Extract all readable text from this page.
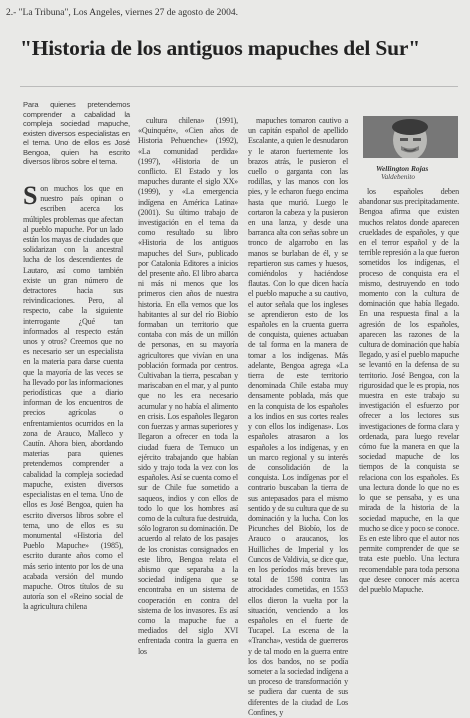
2.- "La Tribuna", Los Angeles, viernes 27 de agosto de 2004.
"Historia de los antiguos mapuches del Sur"
Para quienes pretendemos comprender a cabalidad la compleja sociedad mapuche, existen diversos especialistas en el tema. Uno de ellos es José Bengoa, quien ha escrito diversos libros sobre el tema.

Son muchos los que en nuestro país opinan o escriben acerca los múltiples problemas que afectan al pueblo mapuche. Por un lado están los mayas de ciudades que solidarizan con la ancestral lucha de los descendientes de Lautaro, así como también existe un gran número de detractores hacia sus reivindicaciones. Pero, al respecto, cabe la siguiente interrogante ¿Qué tan informados al respecto están unos y otros? Creemos que no es necesario ser un especialista en la materia para darse cuenta que la mayoría de las veces se ha llevado por las informaciones periodísticas que a diario informan de los encuentros de precios agrícolas o enfrentamientos ocurridos en la zona de Arauco, Malleco y Cautín. Ahora bien, abordando materias para quienes pretendemos comprender a cabalidad la compleja sociedad mapuche, existen diversos especialistas en el tema. Uno de ellos es José Bengoa, quien ha escrito diversos libros sobre el tema, uno de ellos es su monumental «Historia del Pueblo Mapuche» (1985), escrito durante años como el más serio intento por los de una acabada versión del mundo mapuche. Otros títulos de su autoría son el «Reino social de la agricultura chilena

cultura chilena» (1991), «Quinquén», «Cien años de Historia Pehuenche» (1992), «La comunidad perdida» (1997), «Historia de un conflicto. El Estado y los mapuches durante el siglo XX» (1999), y «La emergencia indígena en América Latina» (2001). Su último trabajo de investigación en el tema da como resultado su libro «Historia de los antiguos mapuches del Sur», publicado por Catalonia Editores a inicios del presente año. El libro abarca ni más ni menos que los primeros cien años de nuestra historia. En ella vemos que los habitantes al sur del río Biobío formaban un territorio que contaba con más de un millón de personas, en su mayoría agricultores que vivían en una población formada por centros. Cultivaban la tierra, pescaban y mariscaban en el mar, y al punto que no les era necesario acumular y no había el alimento en crisis. Los españoles llegaron con fuerzas y armas superiores y llegaron a ofrecer en toda la ciudad fuera de Temuco un ejército trabajando que habían sido y trajo toda la vez con los españoles. Así se cuenta como el sur de Chile fue sometido a saqueos, indios y con ellos de todo lo que los hombres así como de la cultura fue destruida, sólo lograron su dominación. De acuerdo al relato de los pasajes de los cronistas consignados en este libro, Bengoa relata el abismo que separaba a la sociedad indígena que se encontraba en un sistema de cooperación en contra del sistema de los invasores. Es así como la mapuche fue a mediados del siglo XVI enfrentada contra la guerra en los

mapuches tomaron cautivo a un capitán español de apellido Escalante, a quien le desnudaron y le ataron fuertemente los brazos atrás, le pusieron el cuello o garganta con las rodillas, y las manos con los pies, y le echaron fuego encima hasta que murió. Luego le cortaron la cabeza y la pusieron en una lanza, y desde una barranca alta con señas sobre un tronco de algarrobo en las manos se burlaban de él, y se repartieron sus carnes y huesos, comiéndolos y haciéndose flautas. Con lo que dicen hacía el pueblo mapuche a su cautivo, el autor señala que los ingleses se aprendieron esto de los españoles en la cruenta guerra de conquista, quienes actuaban de tal forma en la manera de tomar a los indígenas. Más adelante, Bengoa agrega «La tierra de este territorio denominada Chile estaba muy densamente poblada, más que en la conquista de los españoles a los indios en sus cortes reales y con ellos los indígenas». Los españoles atrasaron a los españoles a los indígenas, y en un marco regional y su interés de consolidación de la conquista. Los indígenas por el contrario buscaban la tierra de sus antepasados para el mismo sentido y de su cultura que de su dominación y la lucha. Con los Picunches del Biobío, los de Arauco o araucanos, los Huilliches de Imperial y los Cuncos de Valdivia, se dice que, en los períodos más breves un total de 1598 contra las atrocidades cometidas, en 1553 ellos dieron la vuelta por la situación, venciendo a los españoles en el fuerte de Tucapel. La escena de la «Trancha», vestida de guerreros y de tal modo en la guerra entre los dos bandos, no se podía someter a la sociedad indígena a un proceso de transformación y se pudiera dar cuenta de sus diferentes de la ciudad de Los Confines, y

Wellington Rojas
Valdebenito

los españoles deben abandonar sus precipitadamente. Bengoa afirma que existen muchos relatos donde aparecen crueldades de españoles, y que en el terror español y de la terrible represión a la que fueron sometidos los indígenas, el proceso de conquista era el mismo, destruyendo en todo momento con la cultura de dominación que había llegado. En una respuesta final a la agresión de los españoles, aparecen las razones de la cultura de dominación que había llegado, y así el pueblo mapuche se levantó en la defensa de su territorio. José Bengoa, con la rigurosidad que le es propia, nos muestra en este trabajo su investigación el esfuerzo por ofrecer a los lectores sus investigaciones de forma clara y ordenada, para luego revelar cómo fue la manera en que la sociedad mapuche de los tiempos de la conquista se relaciona con los españoles. Es una lectura donde lo que no es lo que se pensaba, y es una mirada de la historia de la sociedad mapuche, en la que mucho se dice y poco se conoce. Es en este libro que el autor nos permite comprender de que se trata este pueblo. Una lectura recomendable para toda persona que desee conocer más acerca del pueblo Mapuche.
